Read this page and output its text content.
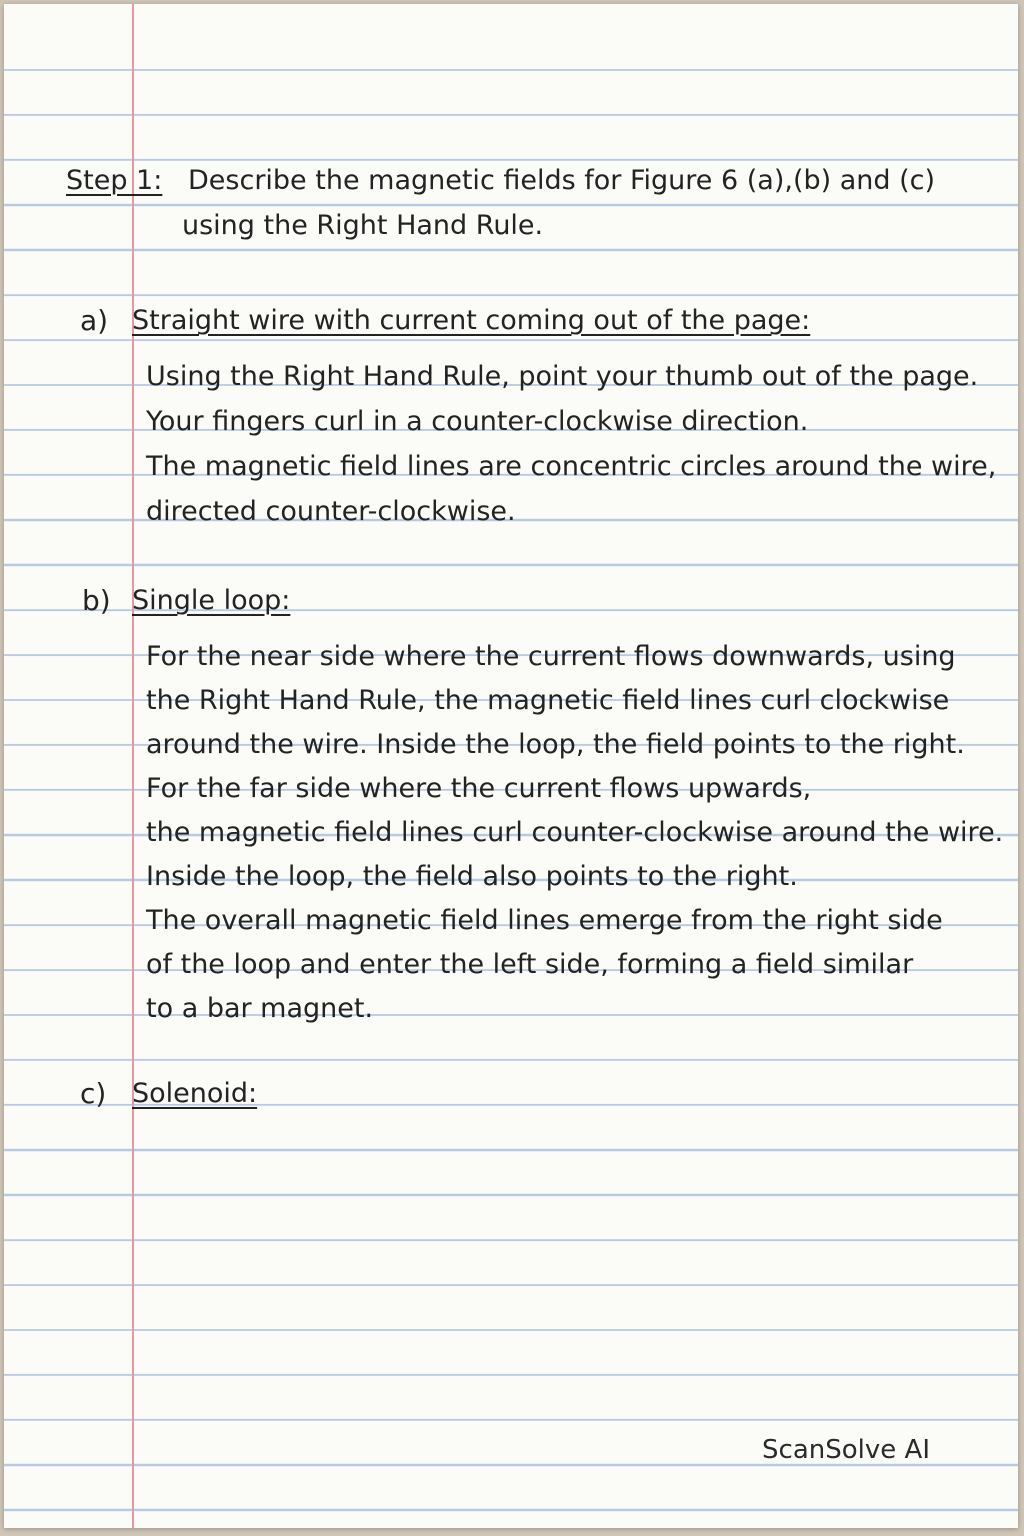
Step 1: Describe the magnetic fields for Figure 6 (a),(b) and (c)
using the Right Hand Rule.
a) Straight wire with current coming out of the page:
Using the Right Hand Rule, point your thumb out of the page.
Your fingers curl in a counter-clockwise direction.
The magnetic field lines are concentric circles around the wire,
directed counter-clockwise.
b) Single loop:
For the near side where the current flows downwards, using
the Right Hand Rule, the magnetic field lines curl clockwise
around the wire. Inside the loop, the field points to the right.
For the far side where the current flows upwards,
the magnetic field lines curl counter-clockwise around the wire.
Inside the loop, the field also points to the right.
The overall magnetic field lines emerge from the right side
of the loop and enter the left side, forming a field similar
to a bar magnet.
c) Solenoid:
ScanSolve AI
